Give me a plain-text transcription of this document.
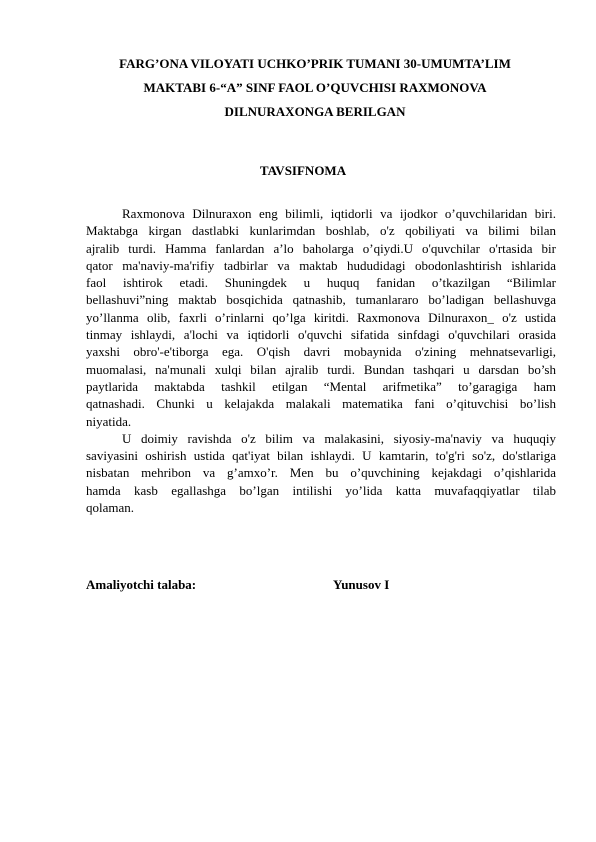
FARG’ONA VILOYATI UCHKO’PRIK TUMANI 30-UMUMTA’LIM
MAKTABI 6-“A” SINF FAOL O’QUVCHISI RAXMONOVA
DILNURAXONGA BERILGAN
TAVSIFNOMA
Raxmonova Dilnuraxon eng bilimli, iqtidorli va ijodkor o’quvchilaridan biri.
Maktabga kirgan dastlabki kunlarimdan boshlab, o'z qobiliyati va bilimi bilan
ajralib turdi. Hamma fanlardan a’lo baholarga o’qiydi.U o'quvchilar o'rtasida bir
qator ma'naviy-ma'rifiy tadbirlar va maktab hududidagi obodonlashtirish ishlarida
faol ishtirok etadi. Shuningdek u huquq fanidan o’tkazilgan “Bilimlar
bellashuvi”ning maktab bosqichida qatnashib, tumanlararo bo’ladigan bellashuvga
yo’llanma olib, faxrli o’rinlarni qo’lga kiritdi. Raxmonova Dilnuraxon_ o'z ustida
tinmay ishlaydi, a'lochi va iqtidorli o'quvchi sifatida sinfdagi o'quvchilari orasida
yaxshi obro'-e'tiborga ega. O'qish davri mobaynida o'zining mehnatsevarligi,
muomalasi, na'munali xulqi bilan ajralib turdi. Bundan tashqari u darsdan bo’sh
paytlarida maktabda tashkil etilgan “Mental arifmetika” to’garagiga ham
qatnashadi. Chunki u kelajakda malakali matematika fani o’qituvchisi bo’lish
niyatida.
U doimiy ravishda o'z bilim va malakasini, siyosiy-ma'naviy va huquqiy
saviyasini oshirish ustida qat'iyat bilan ishlaydi. U kamtarin, to'g'ri so'z, do'stlariga
nisbatan mehribon va g’amxo’r. Men bu o’quvchining kejakdagi o’qishlarida
hamda kasb egallashga bo’lgan intilishi yo’lida katta muvafaqqiyatlar tilab
qolaman.
Amaliyotchi talaba:	Yunusov I
